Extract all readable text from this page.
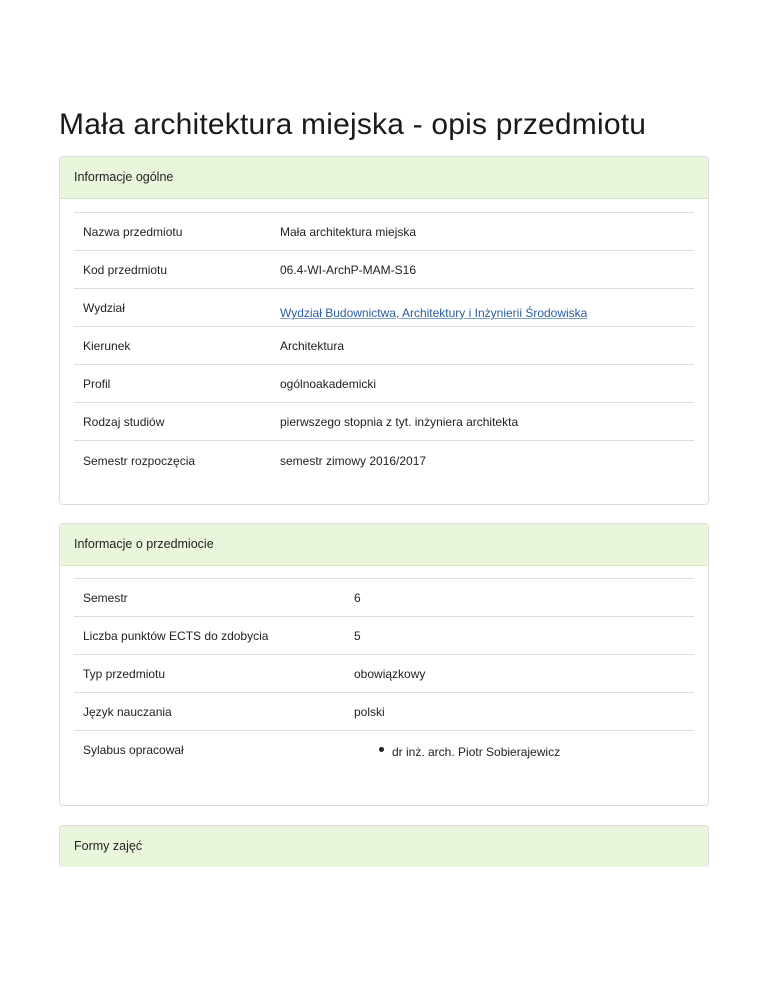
Mała architektura miejska - opis przedmiotu
Informacje ogólne
Nazwa przedmiotu	Mała architektura miejska
Kod przedmiotu	06.4-WI-ArchP-MAM-S16
Wydział	Wydział Budownictwa, Architektury i Inżynierii Środowiska
Kierunek	Architektura
Profil	ogólnoakademicki
Rodzaj studiów	pierwszego stopnia z tyt. inżyniera architekta
Semestr rozpoczęcia	semestr zimowy 2016/2017
Informacje o przedmiocie
Semestr	6
Liczba punktów ECTS do zdobycia	5
Typ przedmiotu	obowiązkowy
Język nauczania	polski
Sylabus opracował	dr inż. arch. Piotr Sobierajewicz
Formy zajęć
